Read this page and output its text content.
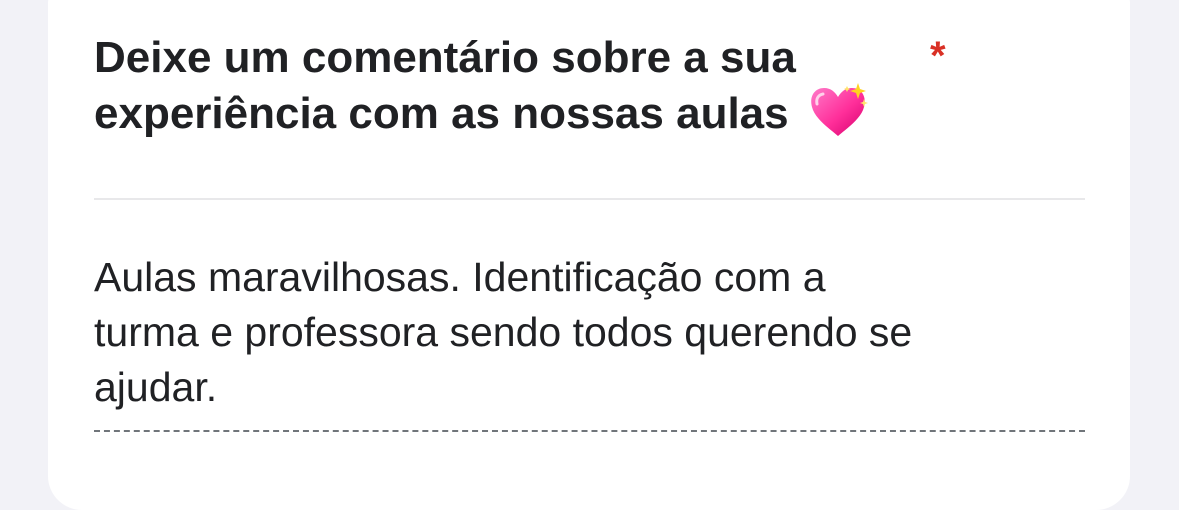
Deixe um comentário sobre a sua
experiência com as nossas aulas
*
Aulas maravilhosas. Identificação com a
turma e professora sendo todos querendo se
ajudar.
